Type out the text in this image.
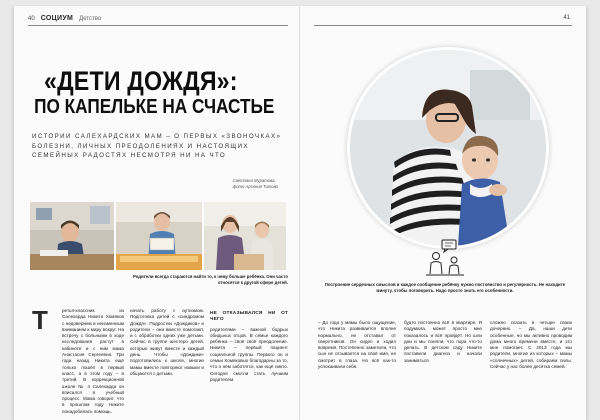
40 СОЦИУМ Детство
«ДЕТИ ДОЖДЯ»:
ПО КАПЕЛЬКЕ НА СЧАСТЬЕ
ИСТОРИИ САЛЕХАРДСКИХ МАМ – О ПЕРВЫХ «ЗВОНОЧКАХ» БОЛЕЗНИ, ЛИЧНЫХ ПРЕОДОЛЕНИЯХ И НАСТОЯЩИХ СЕМЕЙНЫХ РАДОСТЯХ НЕСМОТРЯ НИ НА ЧТО
Светлана Муратова,
фото Арсения Титова
Родители всегда стараются найти то, к чему больше ребёнка. Они часто относятся к другой сфере детей.
Т	ретья-классник из Салехарда Никита Хомяков с недоверием и неизменным вниманием к миру вокруг. На встречу с больными в ходе исследования растут в кабинете и с ним мама Анастасия Сергеевна. Три года назад Никита ещё только пошёл в первый класс, а в этом году – в третий. В коррекционной школе № 4 Салехарда он вписался в учебный процесс. Мама говорит, что в прошлом году Никите понадобилась помощь.
начать работу с аутизмом. Подготовка детей с «синдромом Дождя». Подростки «Дождиков» и родители – они вместе помогают, и с обработки одних уже детьми. Сейчас в группе шестеро детей, которые живут вместе и каждый день. Чтобы «Дождики» подготовились к школе, многие мамы вместе повторяют навыки и общаются с детьми.
НЕ ОТКАЗЫВАЛСЯ НИ ОТ ЧЕГО
родителями – важной бодрых обидьных отцов. В семье каждого ребёнка – своё своё преодоление. Никита – первый пациент социальной группы. Первого он и семьи Хомяковых благодарны за то, что о нём заботятся, как ещё никто. Сегодня смогли стать лучшим родителем.
41
Построение сердечных смыслов и каждое сообщение ребёнку нужно постоянство и регулярность. Не находите минуту, чтобы поговорить. Надо просто знать его особенности.
– До года у мамы было ощущение, что Никита развивается вполне нормально, не отставал от сверстников. Он сидел и ходил вовремя. Постепенно заметили, что сын не отзывается на своё имя, не смотрит в глаза. Но всё как-то успокаивали себя.
будто постоянно всё в квартире. Я подумала, может просто мне показалось и всё пройдёт. Но шли дни и мы поняли, что пора что-то делать. В детском саду Никите поставили диагноз и начали заниматься.
сложно сказать в четыре своих дочерних. – Да, наши дети особенные, но мы активно проводим дома много времени вместе, и это мне помогает. С 2013 года мы родители, многие из которых – мамы «солнечных» детей, собираем силы. Сейчас у нас более десятка семей.
